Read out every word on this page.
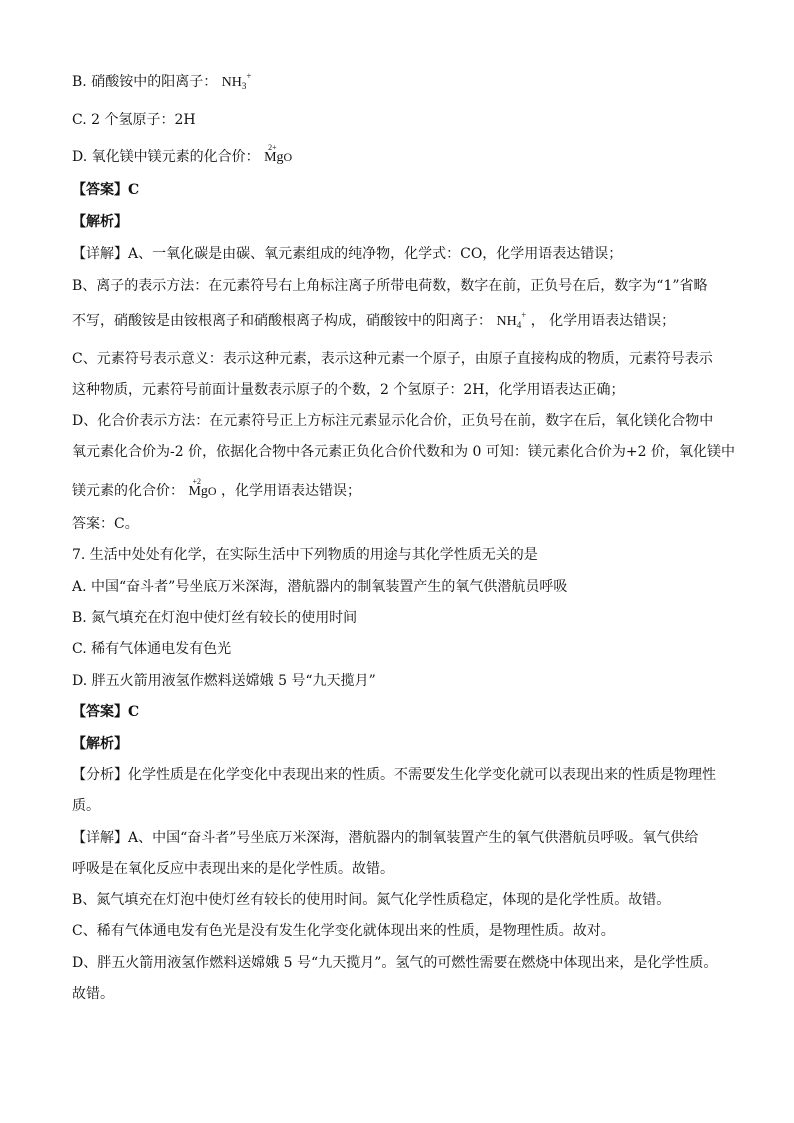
B. 硝酸铵中的阳离子： $NH_3^+$
C. 2 个氢原子：2H
D. 氧化镁中镁元素的化合价：
2+
MgO
【答案】C
【解析】
【详解】A、一氧化碳是由碳、氧元素组成的纯净物，化学式：CO，化学用语表达错误；
B、离子的表示方法：在元素符号右上角标注离子所带电荷数，数字在前，正负号在后，数字为“1”省略
不写，硝酸铵是由铵根离子和硝酸根离子构成，硝酸铵中的阳离子： $NH_4^+$ ， 化学用语表达错误；
C、元素符号表示意义：表示这种元素，表示这种元素一个原子，由原子直接构成的物质，元素符号表示
这种物质，元素符号前面计量数表示原子的个数，2 个氢原子：2H，化学用语表达正确；
D、化合价表示方法：在元素符号正上方标注元素显示化合价，正负号在前，数字在后，氧化镁化合物中
氧元素化合价为-2 价，依据化合物中各元素正负化合价代数和为 0 可知：镁元素化合价为+2 价，氧化镁中
镁元素的化合价：
+2
MgO ，化学用语表达错误；
答案：C。
7. 生活中处处有化学，在实际生活中下列物质的用途与其化学性质无关的是
A. 中国“奋斗者”号坐底万米深海，潜航器内的制氧装置产生的氧气供潜航员呼吸
B. 氮气填充在灯泡中使灯丝有较长的使用时间
C. 稀有气体通电发有色光
D. 胖五火箭用液氢作燃料送嫦娥 5 号“九天揽月”
【答案】C
【解析】
【分析】化学性质是在化学变化中表现出来的性质。不需要发生化学变化就可以表现出来的性质是物理性
质。
【详解】A、中国“奋斗者”号坐底万米深海，潜航器内的制氧装置产生的氧气供潜航员呼吸。氧气供给
呼吸是在氧化反应中表现出来的是化学性质。故错。
B、氮气填充在灯泡中使灯丝有较长的使用时间。氮气化学性质稳定，体现的是化学性质。故错。
C、稀有气体通电发有色光是没有发生化学变化就体现出来的性质，是物理性质。故对。
D、胖五火箭用液氢作燃料送嫦娥 5 号“九天揽月”。氢气的可燃性需要在燃烧中体现出来，是化学性质。
故错。
